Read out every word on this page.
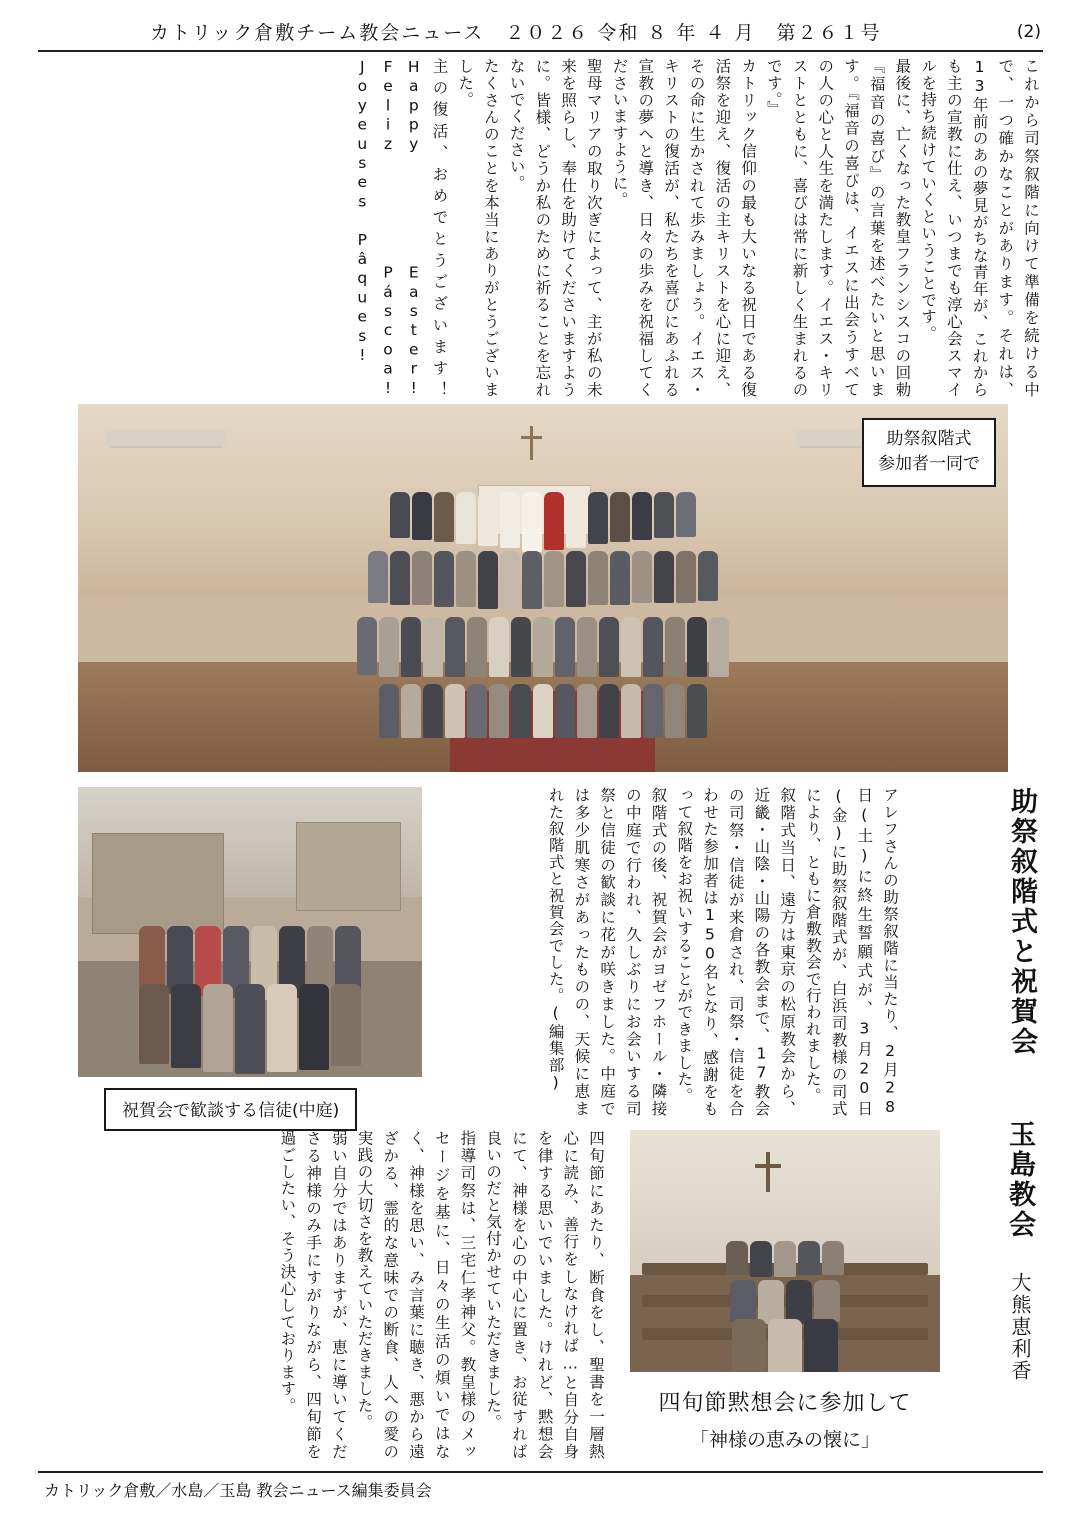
カトリック倉敷チーム教会ニュース　２０２６ 令和 ８ 年 ４ 月　第２６１号	(2)

これから司祭叙階に向けて準備を続ける中で、一つ確かなことがあります。それは、13年前のあの夢見がちな青年が、これからも主の宣教に仕え、いつまでも淳心会スマイルを持ち続けていくということです。

最後に、亡くなった教皇フランシスコの回勅『福音の喜び』の言葉を述べたいと思います。『福音の喜びは、イエスに出会うすべての人の心と人生を満たします。イエス・キリストとともに、喜びは常に新しく生まれるのです。』

カトリック信仰の最も大いなる祝日である復活祭を迎え、復活の主キリストを心に迎え、その命に生かされて歩みましょう。イエス・キリストの復活が、私たちを喜びにあふれる宣教の夢へと導き、日々の歩みを祝福してくださいますように。

聖母マリアの取り次ぎによって、主が私の未来を照らし、奉仕を助けてくださいますように。皆様、どうか私のために祈ることを忘れないでください。

たくさんのことを本当にありがとうございました。

主の復活、おめでとうございます！ Happy Easter! Feliz Páscoa! Joyeuses Pâques!

助祭叙階式
参加者一同で
助祭叙階式と祝賀会

アレフさんの助祭叙階に当たり、2月28日(土)に終生誓願式が、3月20日(金)に助祭叙階式が、白浜司教様の司式により、ともに倉敷教会で行われました。

叙階式当日、遠方は東京の松原教会から、近畿・山陰・山陽の各教会まで、17教会の司祭・信徒が来倉され、司祭・信徒を合わせた参加者は150名となり、感謝をもって叙階をお祝いすることができました。

叙階式の後、祝賀会がヨゼフホール・隣接の中庭で行われ、久しぶりにお会いする司祭と信徒の歓談に花が咲きました。中庭では多少肌寒さがあったものの、天候に恵まれた叙階式と祝賀会でした。(編集部)

祝賀会で歓談する信徒(中庭)
玉島教会
大熊恵利香
四旬節黙想会に参加して
「神様の恵みの懐に」

四旬節にあたり、断食をし、聖書を一層熱心に読み、善行をしなければ…と自分自身を律する思いでいました。けれど、黙想会にて、神様を心の中心に置き、お従すれば良いのだと気付かせていただきました。

指導司祭は、三宅仁孝神父。教皇様のメッセージを基に、日々の生活の煩いではなく、神様を思い、み言葉に聴き、悪から遠ざかる、霊的な意味での断食、人への愛の実践の大切さを教えていただきました。

弱い自分ではありますが、恵に導いてくださる神様のみ手にすがりながら、四旬節を過ごしたい、そう決心しております。

カトリック倉敷／水島／玉島 教会ニュース編集委員会
